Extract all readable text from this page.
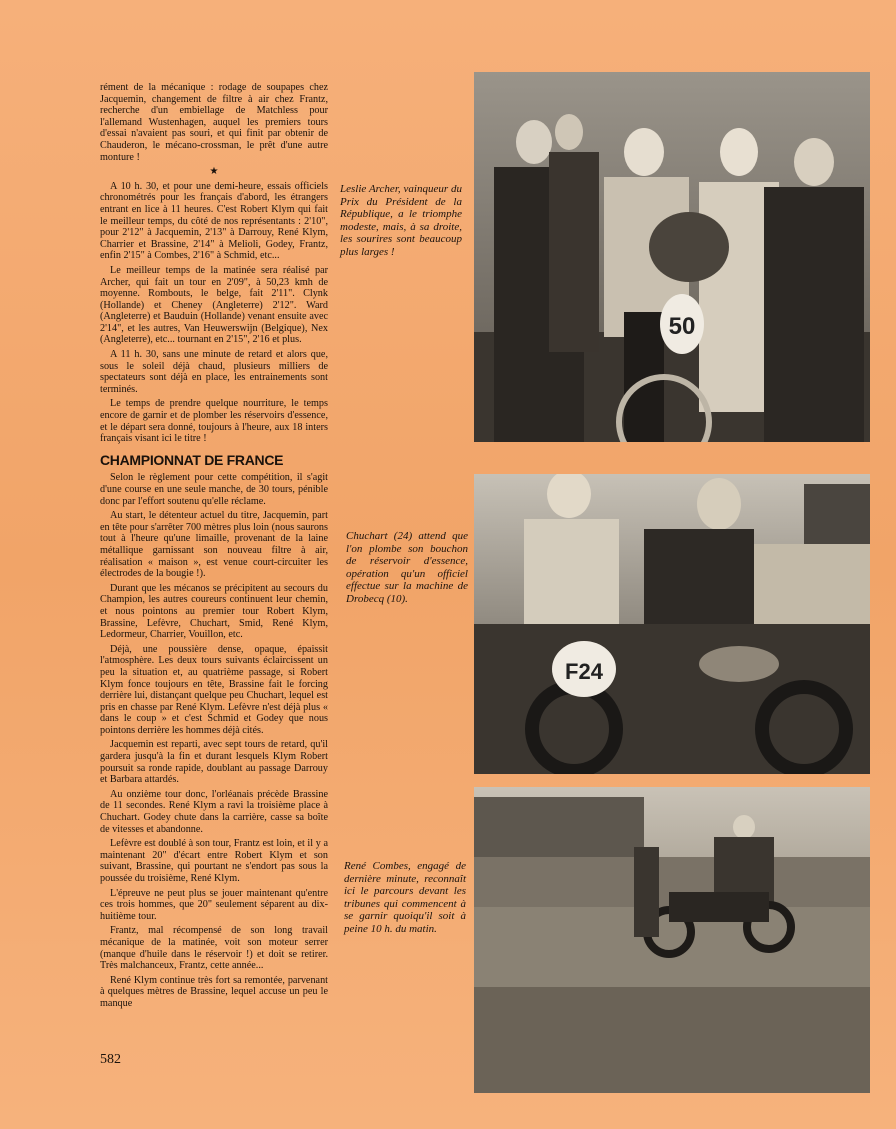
rément de la mécanique : rodage de soupapes chez Jacquemin, changement de filtre à air chez Frantz, recherche d'un embiellage de Matchless pour l'allemand Wustenhagen, auquel les premiers tours d'essai n'avaient pas souri, et qui finit par obtenir de Chauderon, le mécano-crossman, le prêt d'une autre monture !

★

A 10 h. 30, et pour une demi-heure, essais officiels chronométrés pour les français d'abord, les étrangers entrant en lice à 11 heures. C'est Robert Klym qui fait le meilleur temps, du côté de nos représentants : 2'10", pour 2'12" à Jacquemin, 2'13" à Darrouy, René Klym, Charrier et Brassine, 2'14" à Melioli, Godey, Frantz, enfin 2'15" à Combes, 2'16" à Schmid, etc...

Le meilleur temps de la matinée sera réalisé par Archer, qui fait un tour en 2'09", à 50,23 kmh de moyenne. Rombouts, le belge, fait 2'11". Clynk (Hollande) et Cheney (Angleterre) 2'12". Ward (Angleterre) et Bauduin (Hollande) venant ensuite avec 2'14", et les autres, Van Heuwerswijn (Belgique), Nex (Angleterre), etc... tournant en 2'15", 2'16 et plus.

A 11 h. 30, sans une minute de retard et alors que, sous le soleil déjà chaud, plusieurs milliers de spectateurs sont déjà en place, les entrainements sont terminés.

Le temps de prendre quelque nourriture, le temps encore de garnir et de plomber les réservoirs d'essence, et le départ sera donné, toujours à l'heure, aux 18 inters français visant ici le titre !

CHAMPIONNAT DE FRANCE

Selon le règlement pour cette compétition, il s'agit d'une course en une seule manche, de 30 tours, pénible donc par l'effort soutenu qu'elle réclame.

Au start, le détenteur actuel du titre, Jacquemin, part en tête pour s'arrêter 700 mètres plus loin (nous saurons tout à l'heure qu'une limaille, provenant de la laine métallique garnissant son nouveau filtre à air, réalisation « maison », est venue court-circuiter les électrodes de la bougie !).

Durant que les mécanos se précipitent au secours du Champion, les autres coureurs continuent leur chemin, et nous pointons au premier tour Robert Klym, Brassine, Lefèvre, Chuchart, Smid, René Klym, Ledormeur, Charrier, Vouillon, etc.

Déjà, une poussière dense, opaque, épaissit l'atmosphère. Les deux tours suivants éclaircissent un peu la situation et, au quatrième passage, si Robert Klym fonce toujours en tête, Brassine fait le forcing derrière lui, distançant quelque peu Chuchart, lequel est pris en chasse par René Klym. Lefèvre n'est déjà plus « dans le coup » et c'est Schmid et Godey que nous pointons derrière les hommes déjà cités.

Jacquemin est reparti, avec sept tours de retard, qu'il gardera jusqu'à la fin et durant lesquels Klym Robert poursuit sa ronde rapide, doublant au passage Darrouy et Barbara attardés.

Au onzième tour donc, l'orléanais précède Brassine de 11 secondes. René Klym a ravi la troisième place à Chuchart. Godey chute dans la carrière, casse sa boîte de vitesses et abandonne.

Lefèvre est doublé à son tour, Frantz est loin, et il y a maintenant 20" d'écart entre Robert Klym et son suivant, Brassine, qui pourtant ne s'endort pas sous la poussée du troisième, René Klym.

L'épreuve ne peut plus se jouer maintenant qu'entre ces trois hommes, que 20" seulement séparent au dix-huitième tour.

Frantz, mal récompensé de son long travail mécanique de la matinée, voit son moteur serrer (manque d'huile dans le réservoir !) et doit se retirer. Très malchanceux, Frantz, cette année...

René Klym continue très fort sa remontée, parvenant à quelques mètres de Brassine, lequel accuse un peu le manque

50
Leslie Archer, vainqueur du Prix du Président de la République, a le triomphe modeste, mais, à sa droite, les sourires sont beaucoup plus larges !
F24
Chuchart (24) attend que l'on plombe son bouchon de réservoir d'essence, opération qu'un officiel effectue sur la machine de Drobecq (10).
René Combes, engagé de dernière minute, reconnaît ici le parcours devant les tribunes qui commencent à se garnir quoiqu'il soit à peine 10 h. du matin.
582
